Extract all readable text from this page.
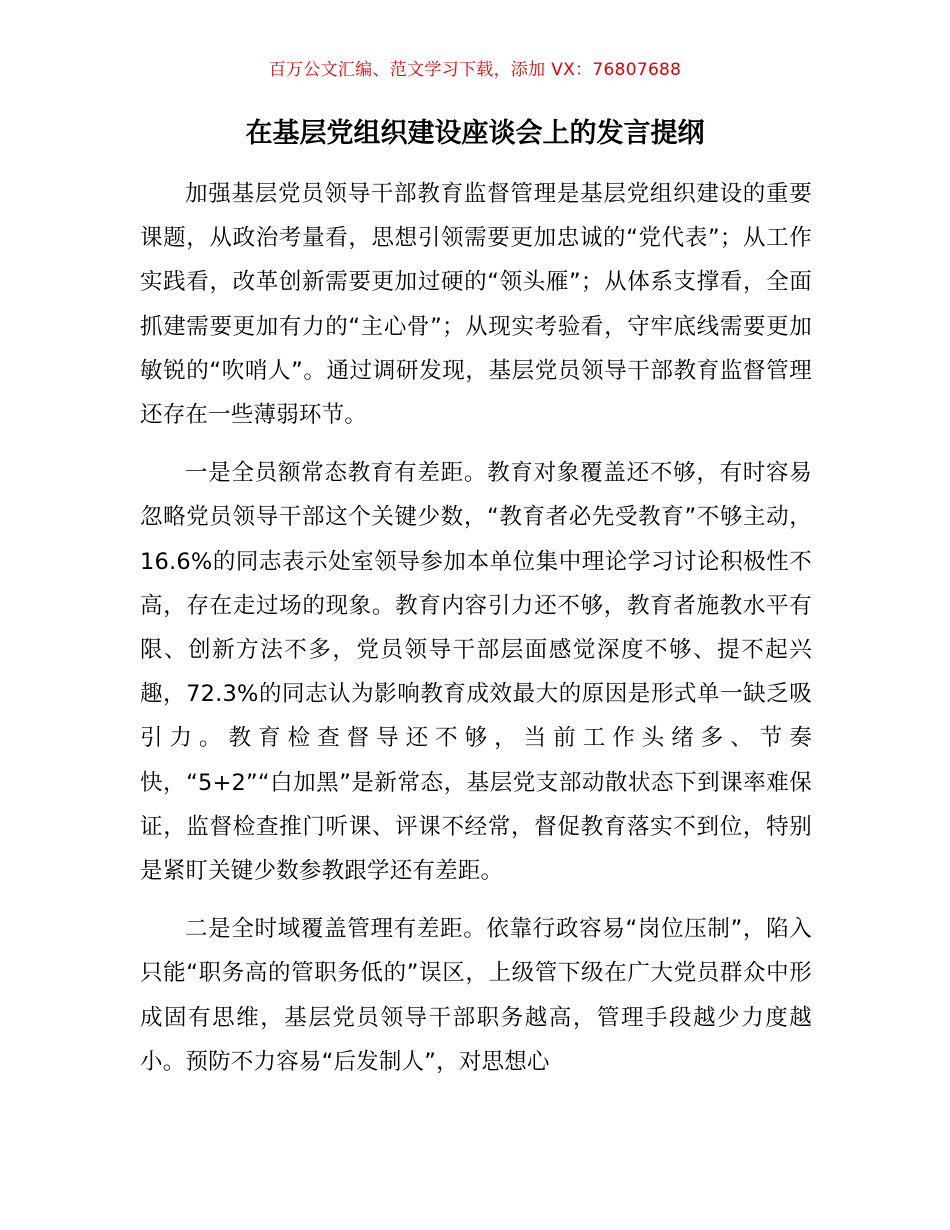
百万公文汇编、范文学习下载，添加 VX：76807688
在基层党组织建设座谈会上的发言提纲

加强基层党员领导干部教育监督管理是基层党组织建设的重要课题，从政治考量看，思想引领需要更加忠诚的“党代表”；从工作实践看，改革创新需要更加过硬的“领头雁”；从体系支撑看，全面抓建需要更加有力的“主心骨”；从现实考验看，守牢底线需要更加敏锐的“吹哨人”。通过调研发现，基层党员领导干部教育监督管理还存在一些薄弱环节。

一是全员额常态教育有差距。教育对象覆盖还不够，有时容易忽略党员领导干部这个关键少数，“教育者必先受教育”不够主动，16.6%的同志表示处室领导参加本单位集中理论学习讨论积极性不高，存在走过场的现象。教育内容引力还不够，教育者施教水平有限、创新方法不多，党员领导干部层面感觉深度不够、提不起兴趣，72.3%的同志认为影响教育成效最大的原因是形式单一缺乏吸引力。教育检查督导还不够，当前工作头绪多、节奏快，“5+2”“白加黑”是新常态，基层党支部动散状态下到课率难保证，监督检查推门听课、评课不经常，督促教育落实不到位，特别是紧盯关键少数参教跟学还有差距。

二是全时域覆盖管理有差距。依靠行政容易“岗位压制”，陷入只能“职务高的管职务低的”误区，上级管下级在广大党员群众中形成固有思维，基层党员领导干部职务越高，管理手段越少力度越小。预防不力容易“后发制人”，对思想心
